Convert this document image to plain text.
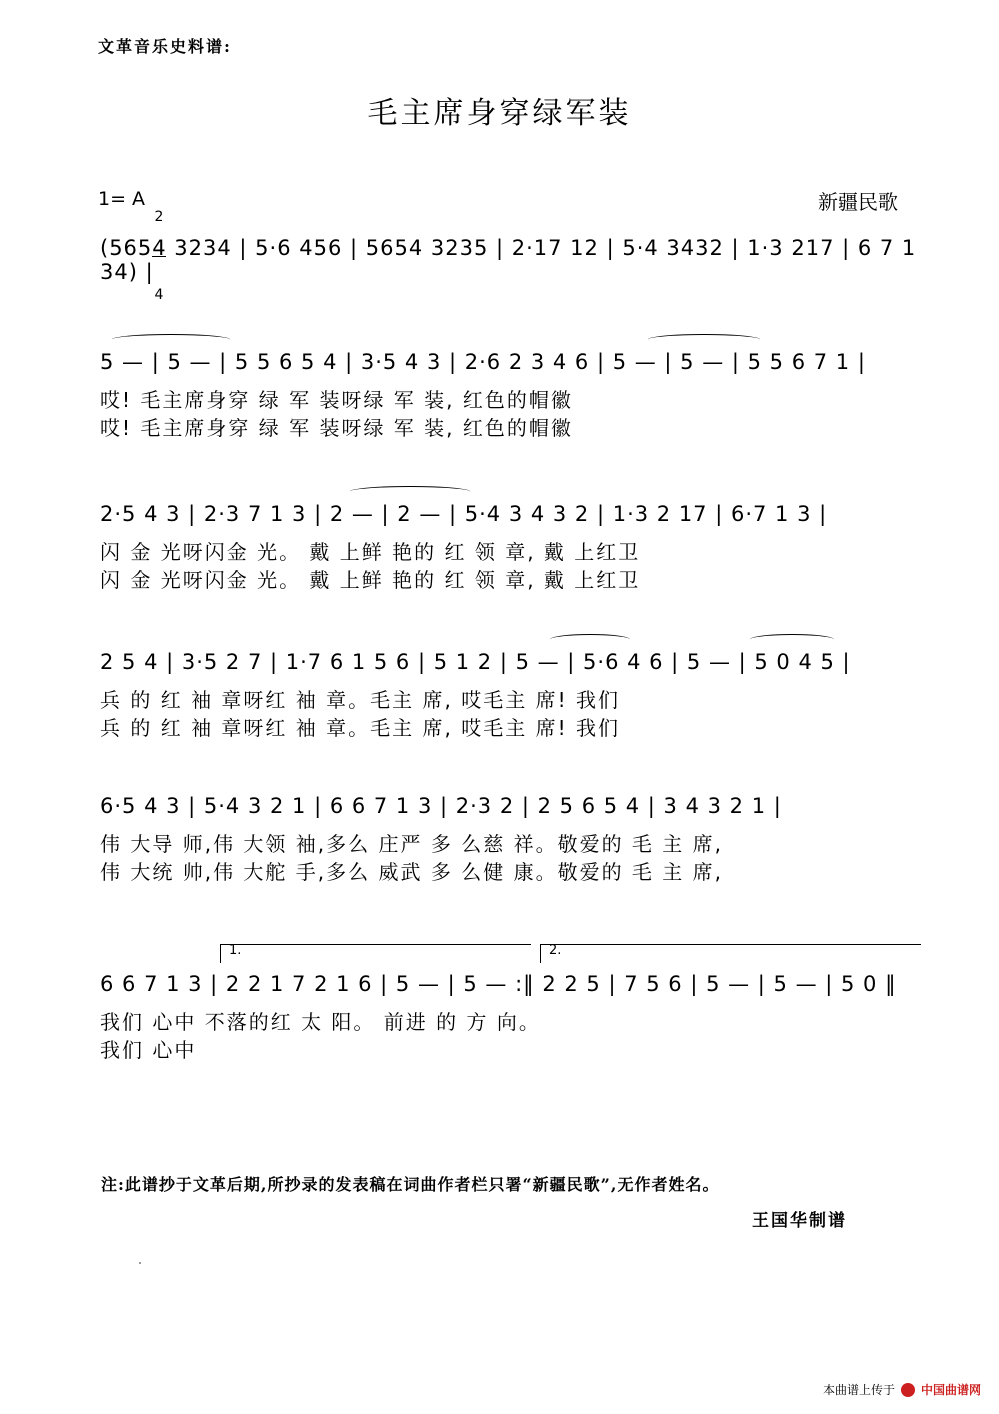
文革音乐史料谱:
毛主席身穿绿军装
1= A

2

4

新疆民歌
(5654 3234 | 5·6 456 | 5654 3235 | 2·17 12 | 5·4 3432 | 1·3 217 | 6 7 1 34) |
5 — | 5 — | 5 5 6 5 4 | 3·5 4 3 | 2·6 2 3 4 6 | 5 — | 5 — | 5 5 6 7 1 |
哎! 毛主席身穿 绿 军 装呀绿 军 装, 红色的帽徽
哎! 毛主席身穿 绿 军 装呀绿 军 装, 红色的帽徽
2·5 4 3 | 2·3 7 1 3 | 2 — | 2 — | 5·4 3 4 3 2 | 1·3 2 17 | 6·7 1 3 |
闪 金 光呀闪金 光。 戴 上鲜 艳的 红 领 章, 戴 上红卫
闪 金 光呀闪金 光。 戴 上鲜 艳的 红 领 章, 戴 上红卫
2 5 4 | 3·5 2 7 | 1·7 6 1 5 6 | 5 1 2 | 5 — | 5·6 4 6 | 5 — | 5 0 4 5 |
兵 的 红 袖 章呀红 袖 章。毛主 席, 哎毛主 席! 我们
兵 的 红 袖 章呀红 袖 章。毛主 席, 哎毛主 席! 我们
6·5 4 3 | 5·4 3 2 1 | 6 6 7 1 3 | 2·3 2 | 2 5 6 5 4 | 3 4 3 2 1 |
伟 大导 师,伟 大领 袖,多么 庄严 多 么慈 祥。敬爱的 毛 主 席,
伟 大统 帅,伟 大舵 手,多么 威武 多 么健 康。敬爱的 毛 主 席,
1.	2.
6 6 7 1 3 | 2 2 1 7 2 1 6 | 5 — | 5 — :‖ 2 2 5 | 7 5 6 | 5 — | 5 — | 5 0 ‖
我们 心中 不落的红 太 阳。 前进 的 方 向。
我们 心中
注:此谱抄于文革后期,所抄录的发表稿在词曲作者栏只署“新疆民歌”,无作者姓名。
王国华制谱
本曲谱上传于 中国曲谱网
